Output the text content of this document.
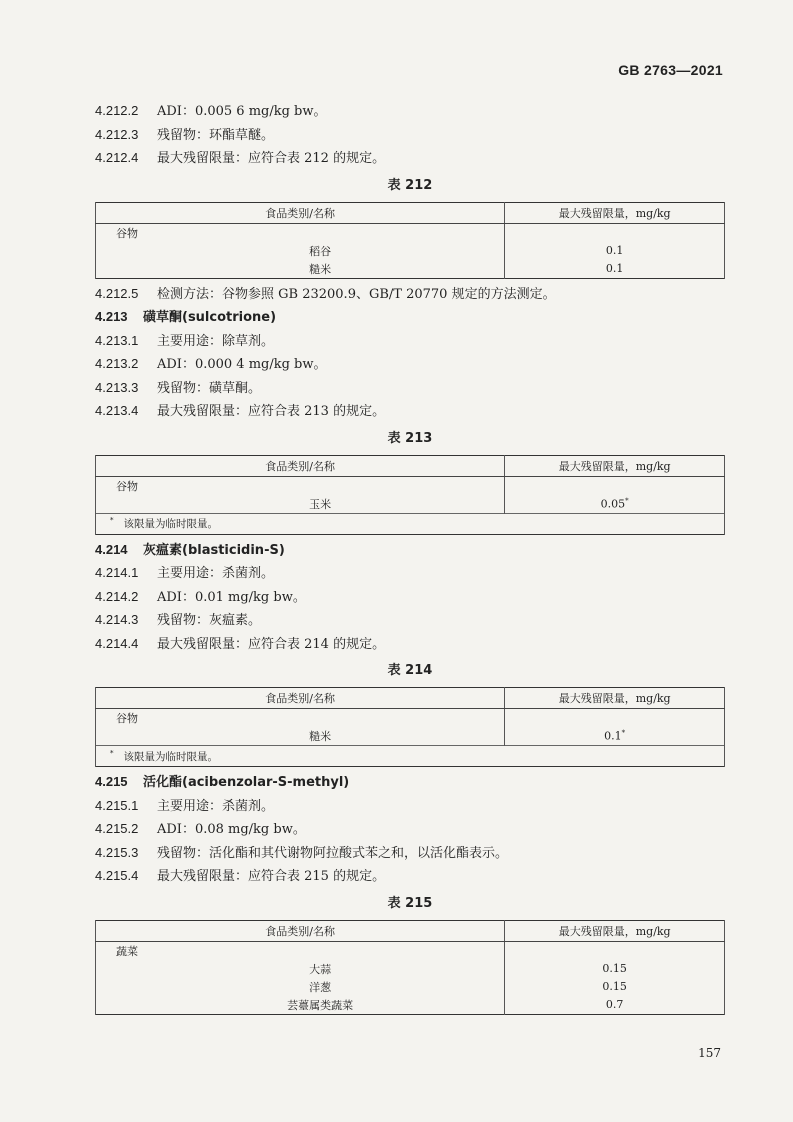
GB 2763—2021
4.212.2 ADI：0.005 6 mg/kg bw。
4.212.3 残留物：环酯草醚。
4.212.4 最大残留限量：应符合表 212 的规定。
表 212
食品类别/名称	最大残留限量，mg/kg
谷物	
稻谷	0.1
糙米	0.1
4.212.5 检测方法：谷物参照 GB 23200.9、GB/T 20770 规定的方法测定。
4.213 磺草酮(sulcotrione)
4.213.1 主要用途：除草剂。
4.213.2 ADI：0.000 4 mg/kg bw。
4.213.3 残留物：磺草酮。
4.213.4 最大残留限量：应符合表 213 的规定。
表 213
食品类别/名称	最大残留限量，mg/kg
谷物	
玉米	0.05*
* 该限量为临时限量。	
4.214 灰瘟素(blasticidin-S)
4.214.1 主要用途：杀菌剂。
4.214.2 ADI：0.01 mg/kg bw。
4.214.3 残留物：灰瘟素。
4.214.4 最大残留限量：应符合表 214 的规定。
表 214
食品类别/名称	最大残留限量，mg/kg
谷物	
糙米	0.1*
* 该限量为临时限量。	
4.215 活化酯(acibenzolar-S-methyl)
4.215.1 主要用途：杀菌剂。
4.215.2 ADI：0.08 mg/kg bw。
4.215.3 残留物：活化酯和其代谢物阿拉酸式苯之和，以活化酯表示。
4.215.4 最大残留限量：应符合表 215 的规定。
表 215
食品类别/名称	最大残留限量，mg/kg
蔬菜	
大蒜	0.15
洋葱	0.15
芸薹属类蔬菜	0.7
157
